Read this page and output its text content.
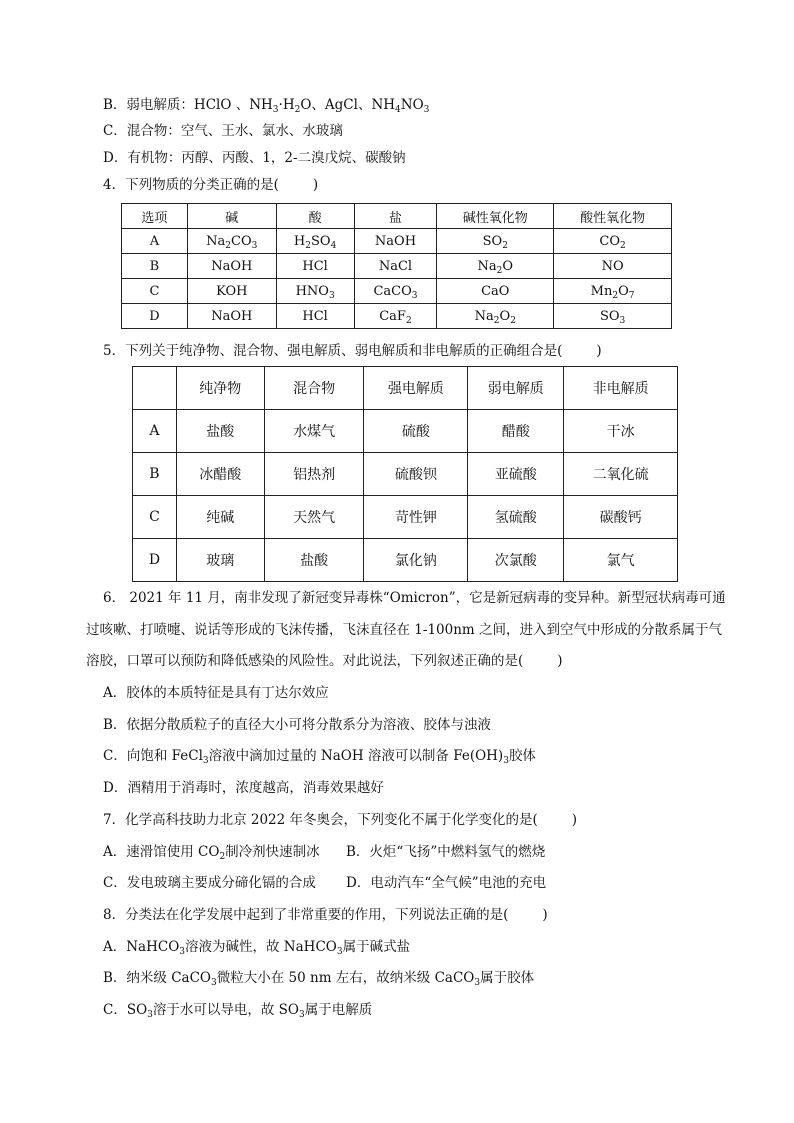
B．弱电解质：HClO 、$NH_3\cdot H_2O$、AgCl、$NH_4NO_3$
C．混合物：空气、王水、氯水、水玻璃
D．有机物：丙醇、丙酸、1，2-二溴戊烷、碳酸钠
4．下列物质的分类正确的是(	)
选项	碱	酸	盐	碱性氧化物	酸性氧化物
A	$Na_2CO_3$	$H_2SO_4$	NaOH	$SO_2$	$CO_2$
B	NaOH	HCl	NaCl	$Na_2O$	NO
C	KOH	$HNO_3$	CaCO$_3$	CaO	$Mn_2O_7$
D	NaOH	HCl	CaF$_2$	$Na_2O_2$	$SO_3$
5．下列关于纯净物、混合物、强电解质、弱电解质和非电解质的正确组合是(	)
	纯净物	混合物	强电解质	弱电解质	非电解质
A	盐酸	水煤气	硫酸	醋酸	干冰
B	冰醋酸	铝热剂	硫酸钡	亚硫酸	二氧化硫
C	纯碱	天然气	苛性钾	氢硫酸	碳酸钙
D	玻璃	盐酸	氯化钠	次氯酸	氯气
6． 2021 年 11 月，南非发现了新冠变异毒株“Omicron”，它是新冠病毒的变异种。新型冠状病毒可通
过咳嗽、打喷嚏、说话等形成的飞沫传播，飞沫直径在 1-100nm 之间，进入到空气中形成的分散系属于气
溶胶，口罩可以预防和降低感染的风险性。对此说法，下列叙述正确的是(	)
A．胶体的本质特征是具有丁达尔效应
B．依据分散质粒子的直径大小可将分散系分为溶液、胶体与浊液
C．向饱和 FeCl$_3$溶液中滴加过量的 NaOH 溶液可以制备 $Fe(OH)_3$胶体
D．酒精用于消毒时，浓度越高，消毒效果越好
7．化学高科技助力北京 2022 年冬奥会，下列变化不属于化学变化的是(	)
A．速滑馆使用 $CO_2$制冷剂快速制冰 B．火炬“飞扬”中燃料氢气的燃烧
C．发电玻璃主要成分碲化镉的合成 D．电动汽车“全气候”电池的充电
8．分类法在化学发展中起到了非常重要的作用，下列说法正确的是(	)
A．NaHCO$_3$溶液为碱性，故 NaHCO$_3$属于碱式盐
B．纳米级 CaCO$_3$微粒大小在 50 nm 左右，故纳米级 CaCO$_3$属于胶体
C．$SO_3$溶于水可以导电，故 $SO_3$属于电解质
